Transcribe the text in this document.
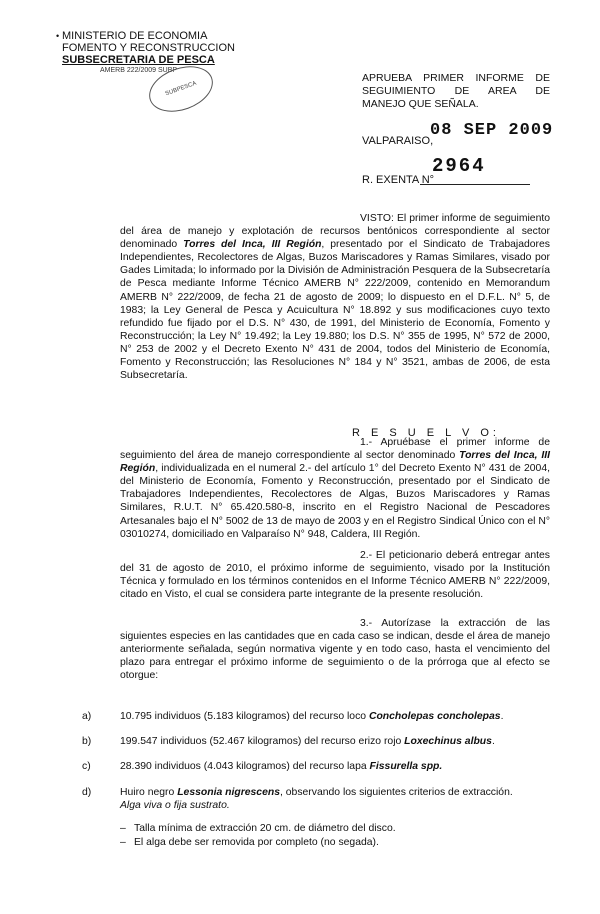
• MINISTERIO DE ECONOMIA
FOMENTO Y RECONSTRUCCION
SUBSECRETARIA DE PESCA
AMERB 222/2009 SUBP
SUBPESCA
APRUEBA PRIMER INFORME DE
SEGUIMIENTO DE AREA DE
MANEJO QUE SEÑALA.
VALPARAISO,
08 SEP 2009
R. EXENTA N°
2964
VISTO: El primer informe de seguimiento del área de manejo y explotación de recursos bentónicos correspondiente al sector denominado Torres del Inca, III Región, presentado por el Sindicato de Trabajadores Independientes, Recolectores de Algas, Buzos Mariscadores y Ramas Similares, visado por Gades Limitada; lo informado por la División de Administración Pesquera de la Subsecretaría de Pesca mediante Informe Técnico AMERB N° 222/2009, contenido en Memorandum AMERB N° 222/2009, de fecha 21 de agosto de 2009; lo dispuesto en el D.F.L. N° 5, de 1983; la Ley General de Pesca y Acuicultura N° 18.892 y sus modificaciones cuyo texto refundido fue fijado por el D.S. N° 430, de 1991, del Ministerio de Economía, Fomento y Reconstrucción; la Ley N° 19.492; la Ley 19.880; los D.S. N° 355 de 1995, N° 572 de 2000, N° 253 de 2002 y el Decreto Exento N° 431 de 2004, todos del Ministerio de Economía, Fomento y Reconstrucción; las Resoluciones N° 184 y N° 3521, ambas de 2006, de esta Subsecretaría.
R E S U E L V O:
1.- Apruébase el primer informe de seguimiento del área de manejo correspondiente al sector denominado Torres del Inca, III Región, individualizada en el numeral 2.- del artículo 1° del Decreto Exento N° 431 de 2004, del Ministerio de Economía, Fomento y Reconstrucción, presentado por el Sindicato de Trabajadores Independientes, Recolectores de Algas, Buzos Mariscadores y Ramas Similares, R.U.T. N° 65.420.580-8, inscrito en el Registro Nacional de Pescadores Artesanales bajo el N° 5002 de 13 de mayo de 2003 y en el Registro Sindical Único con el N° 03010274, domiciliado en Valparaíso N° 948, Caldera, III Región.
2.- El peticionario deberá entregar antes del 31 de agosto de 2010, el próximo informe de seguimiento, visado por la Institución Técnica y formulado en los términos contenidos en el Informe Técnico AMERB N° 222/2009, citado en Visto, el cual se considera parte integrante de la presente resolución.
3.- Autorízase la extracción de las siguientes especies en las cantidades que en cada caso se indican, desde el área de manejo anteriormente señalada, según normativa vigente y en todo caso, hasta el vencimiento del plazo para entregar el próximo informe de seguimiento o de la prórroga que al efecto se otorgue:
a)	10.795 individuos (5.183 kilogramos) del recurso loco Concholepas concholepas.
b)	199.547 individuos (52.467 kilogramos) del recurso erizo rojo Loxechinus albus.
c)	28.390 individuos (4.043 kilogramos) del recurso lapa Fissurella spp.
d)	Huiro negro Lessonia nigrescens, observando los siguientes criterios de extracción.
Alga viva o fija sustrato.
– Talla mínima de extracción 20 cm. de diámetro del disco.
– El alga debe ser removida por completo (no segada).
